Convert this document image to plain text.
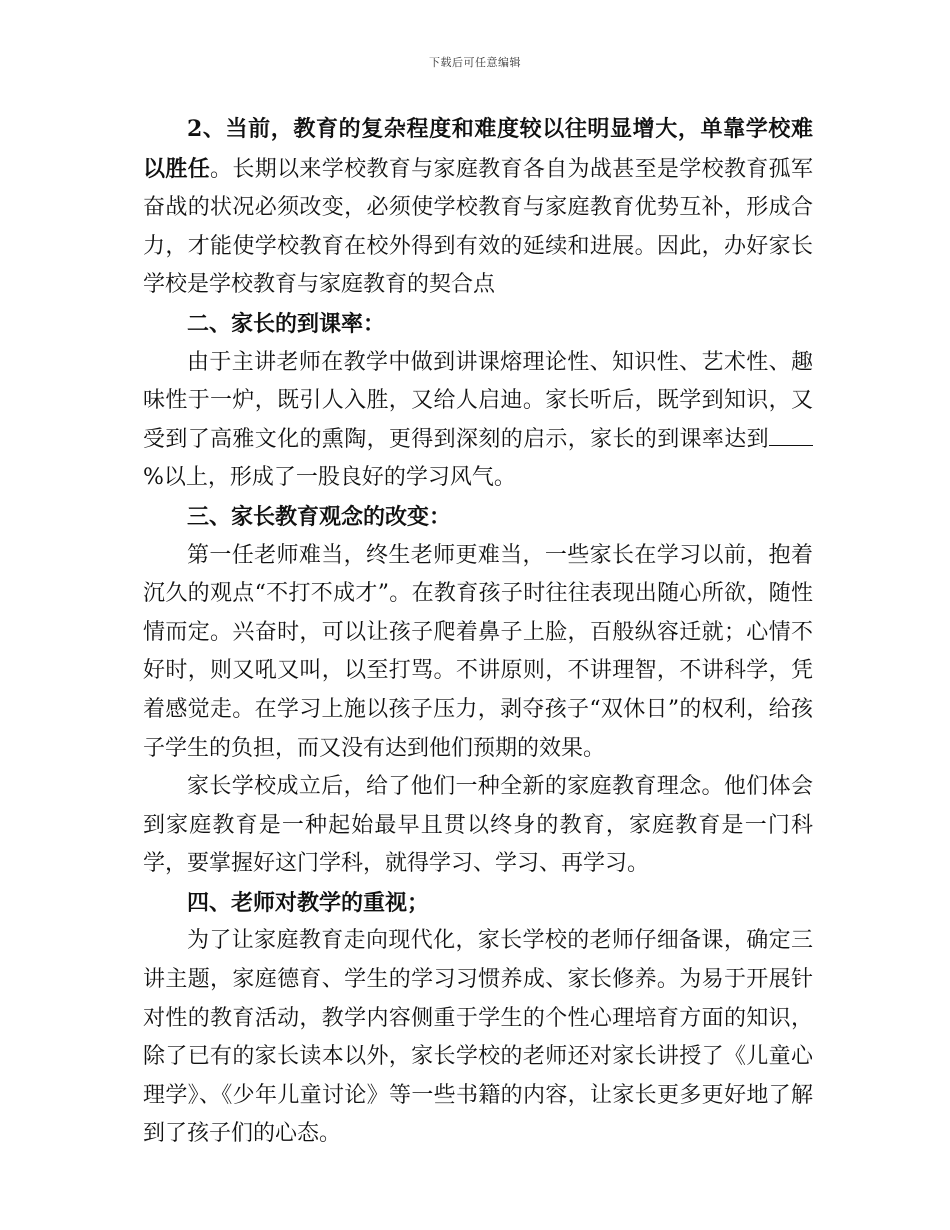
下载后可任意编辑

2、当前，教育的复杂程度和难度较以往明显增大，单靠学校难以胜任。长期以来学校教育与家庭教育各自为战甚至是学校教育孤军奋战的状况必须改变，必须使学校教育与家庭教育优势互补，形成合力，才能使学校教育在校外得到有效的延续和进展。因此，办好家长学校是学校教育与家庭教育的契合点

二、家长的到课率：

由于主讲老师在教学中做到讲课熔理论性、知识性、艺术性、趣味性于一炉，既引人入胜，又给人启迪。家长听后，既学到知识，又受到了高雅文化的熏陶，更得到深刻的启示，家长的到课率达到%以上，形成了一股良好的学习风气。

三、家长教育观念的改变：

第一任老师难当，终生老师更难当，一些家长在学习以前，抱着沉久的观点“不打不成才”。在教育孩子时往往表现出随心所欲，随性情而定。兴奋时，可以让孩子爬着鼻子上脸，百般纵容迁就；心情不好时，则又吼又叫，以至打骂。不讲原则，不讲理智，不讲科学，凭着感觉走。在学习上施以孩子压力，剥夺孩子“双休日”的权利，给孩子学生的负担，而又没有达到他们预期的效果。

家长学校成立后，给了他们一种全新的家庭教育理念。他们体会到家庭教育是一种起始最早且贯以终身的教育，家庭教育是一门科学，要掌握好这门学科，就得学习、学习、再学习。

四、老师对教学的重视；

为了让家庭教育走向现代化，家长学校的老师仔细备课，确定三讲主题，家庭德育、学生的学习习惯养成、家长修养。为易于开展针对性的教育活动，教学内容侧重于学生的个性心理培育方面的知识，除了已有的家长读本以外，家长学校的老师还对家长讲授了《儿童心理学》、《少年儿童讨论》等一些书籍的内容，让家长更多更好地了解到了孩子们的心态。
